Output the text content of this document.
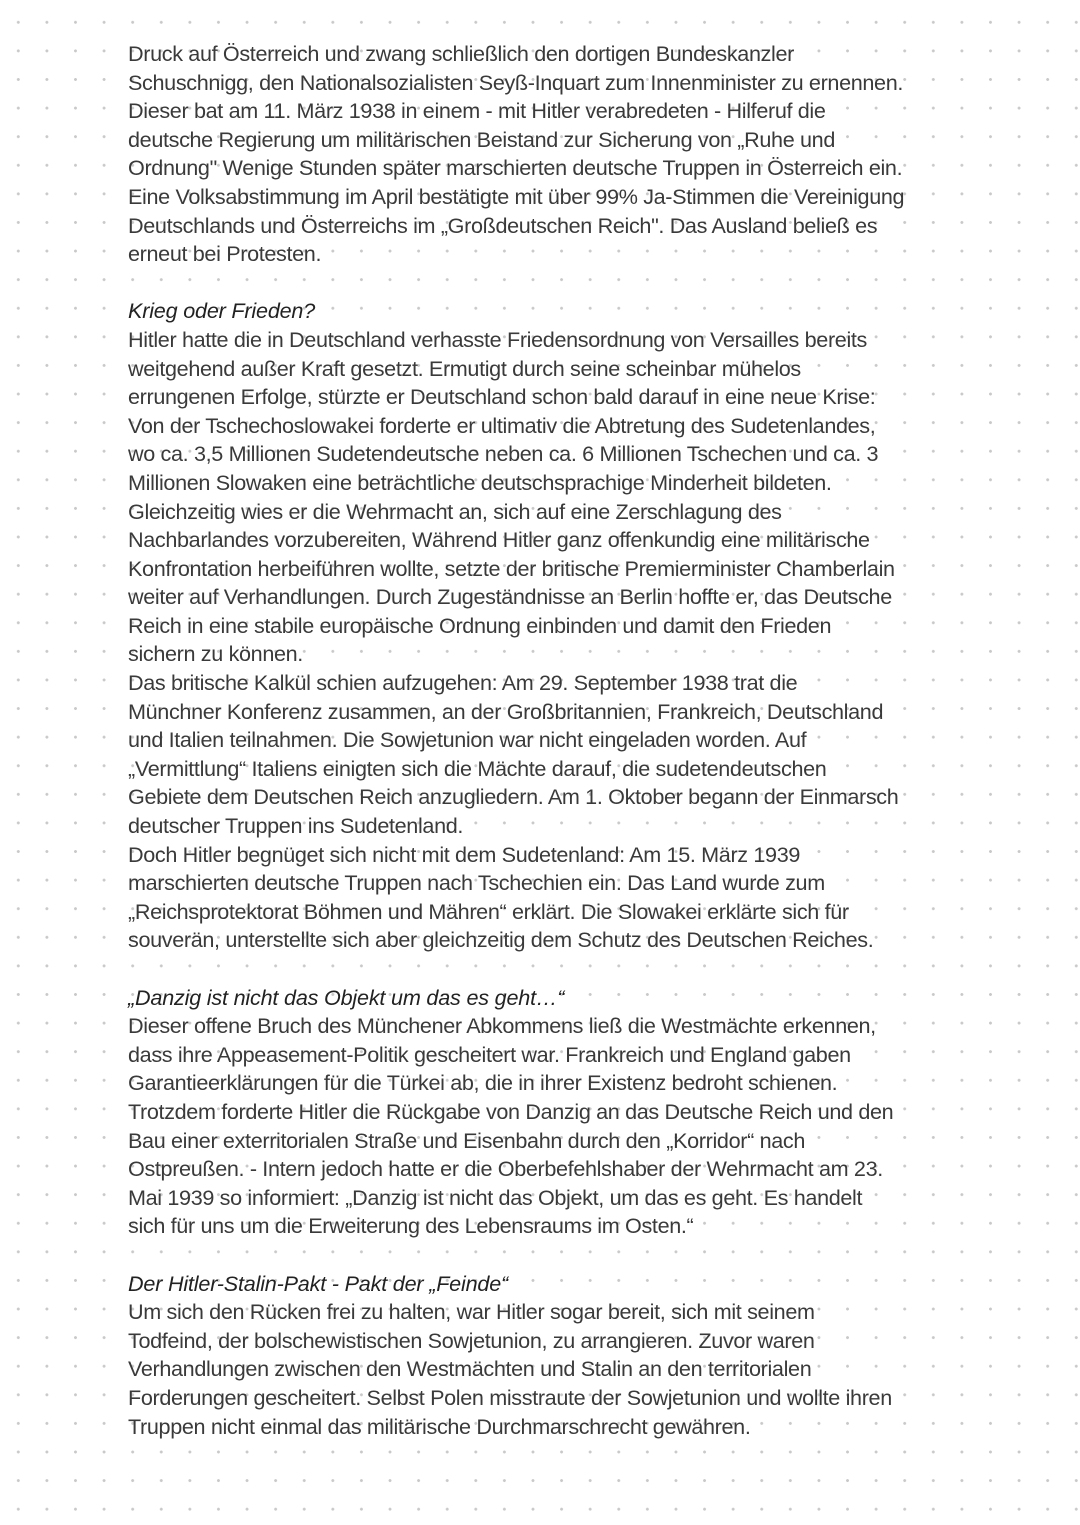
Druck auf Österreich und zwang schließlich den dortigen Bundeskanzler

Schuschnigg, den Nationalsozialisten Seyß-Inquart zum Innenminister zu ernennen.

Dieser bat am 11. März 1938 in einem - mit Hitler verabredeten - Hilferuf die

deutsche Regierung um militärischen Beistand zur Sicherung von „Ruhe und

Ordnung" Wenige Stunden später marschierten deutsche Truppen in Österreich ein.

Eine Volksabstimmung im April bestätigte mit über 99% Ja-Stimmen die Vereinigung

Deutschlands und Österreichs im „Großdeutschen Reich". Das Ausland beließ es

erneut bei Protesten.

Krieg oder Frieden?

Hitler hatte die in Deutschland verhasste Friedensordnung von Versailles bereits

weitgehend außer Kraft gesetzt. Ermutigt durch seine scheinbar mühelos

errungenen Erfolge, stürzte er Deutschland schon bald darauf in eine neue Krise:

Von der Tschechoslowakei forderte er ultimativ die Abtretung des Sudetenlandes,

wo ca. 3,5 Millionen Sudetendeutsche neben ca. 6 Millionen Tschechen und ca. 3

Millionen Slowaken eine beträchtliche deutschsprachige Minderheit bildeten.

Gleichzeitig wies er die Wehrmacht an, sich auf eine Zerschlagung des

Nachbarlandes vorzubereiten, Während Hitler ganz offenkundig eine militärische

Konfrontation herbeiführen wollte, setzte der britische Premierminister Chamberlain

weiter auf Verhandlungen. Durch Zugeständnisse an Berlin hoffte er, das Deutsche

Reich in eine stabile europäische Ordnung einbinden und damit den Frieden

sichern zu können.

Das britische Kalkül schien aufzugehen: Am 29. September 1938 trat die

Münchner Konferenz zusammen, an der Großbritannien, Frankreich, Deutschland

und Italien teilnahmen. Die Sowjetunion war nicht eingeladen worden. Auf

„Vermittlung“ Italiens einigten sich die Mächte darauf, die sudetendeutschen

Gebiete dem Deutschen Reich anzugliedern. Am 1. Oktober begann der Einmarsch

deutscher Truppen ins Sudetenland.

Doch Hitler begnüget sich nicht mit dem Sudetenland: Am 15. März 1939

marschierten deutsche Truppen nach Tschechien ein. Das Land wurde zum

„Reichsprotektorat Böhmen und Mähren“ erklärt. Die Slowakei erklärte sich für

souverän, unterstellte sich aber gleichzeitig dem Schutz des Deutschen Reiches.

„Danzig ist nicht das Objekt um das es geht…“

Dieser offene Bruch des Münchener Abkommens ließ die Westmächte erkennen,

dass ihre Appeasement-Politik gescheitert war. Frankreich und England gaben

Garantieerklärungen für die Türkei ab, die in ihrer Existenz bedroht schienen.

Trotzdem forderte Hitler die Rückgabe von Danzig an das Deutsche Reich und den

Bau einer exterritorialen Straße und Eisenbahn durch den „Korridor“ nach

Ostpreußen. - Intern jedoch hatte er die Oberbefehlshaber der Wehrmacht am 23.

Mai 1939 so informiert: „Danzig ist nicht das Objekt, um das es geht. Es handelt

sich für uns um die Erweiterung des Lebensraums im Osten.“

Der Hitler-Stalin-Pakt - Pakt der „Feinde“

Um sich den Rücken frei zu halten, war Hitler sogar bereit, sich mit seinem

Todfeind, der bolschewistischen Sowjetunion, zu arrangieren. Zuvor waren

Verhandlungen zwischen den Westmächten und Stalin an den territorialen

Forderungen gescheitert. Selbst Polen misstraute der Sowjetunion und wollte ihren

Truppen nicht einmal das militärische Durchmarschrecht gewähren.
